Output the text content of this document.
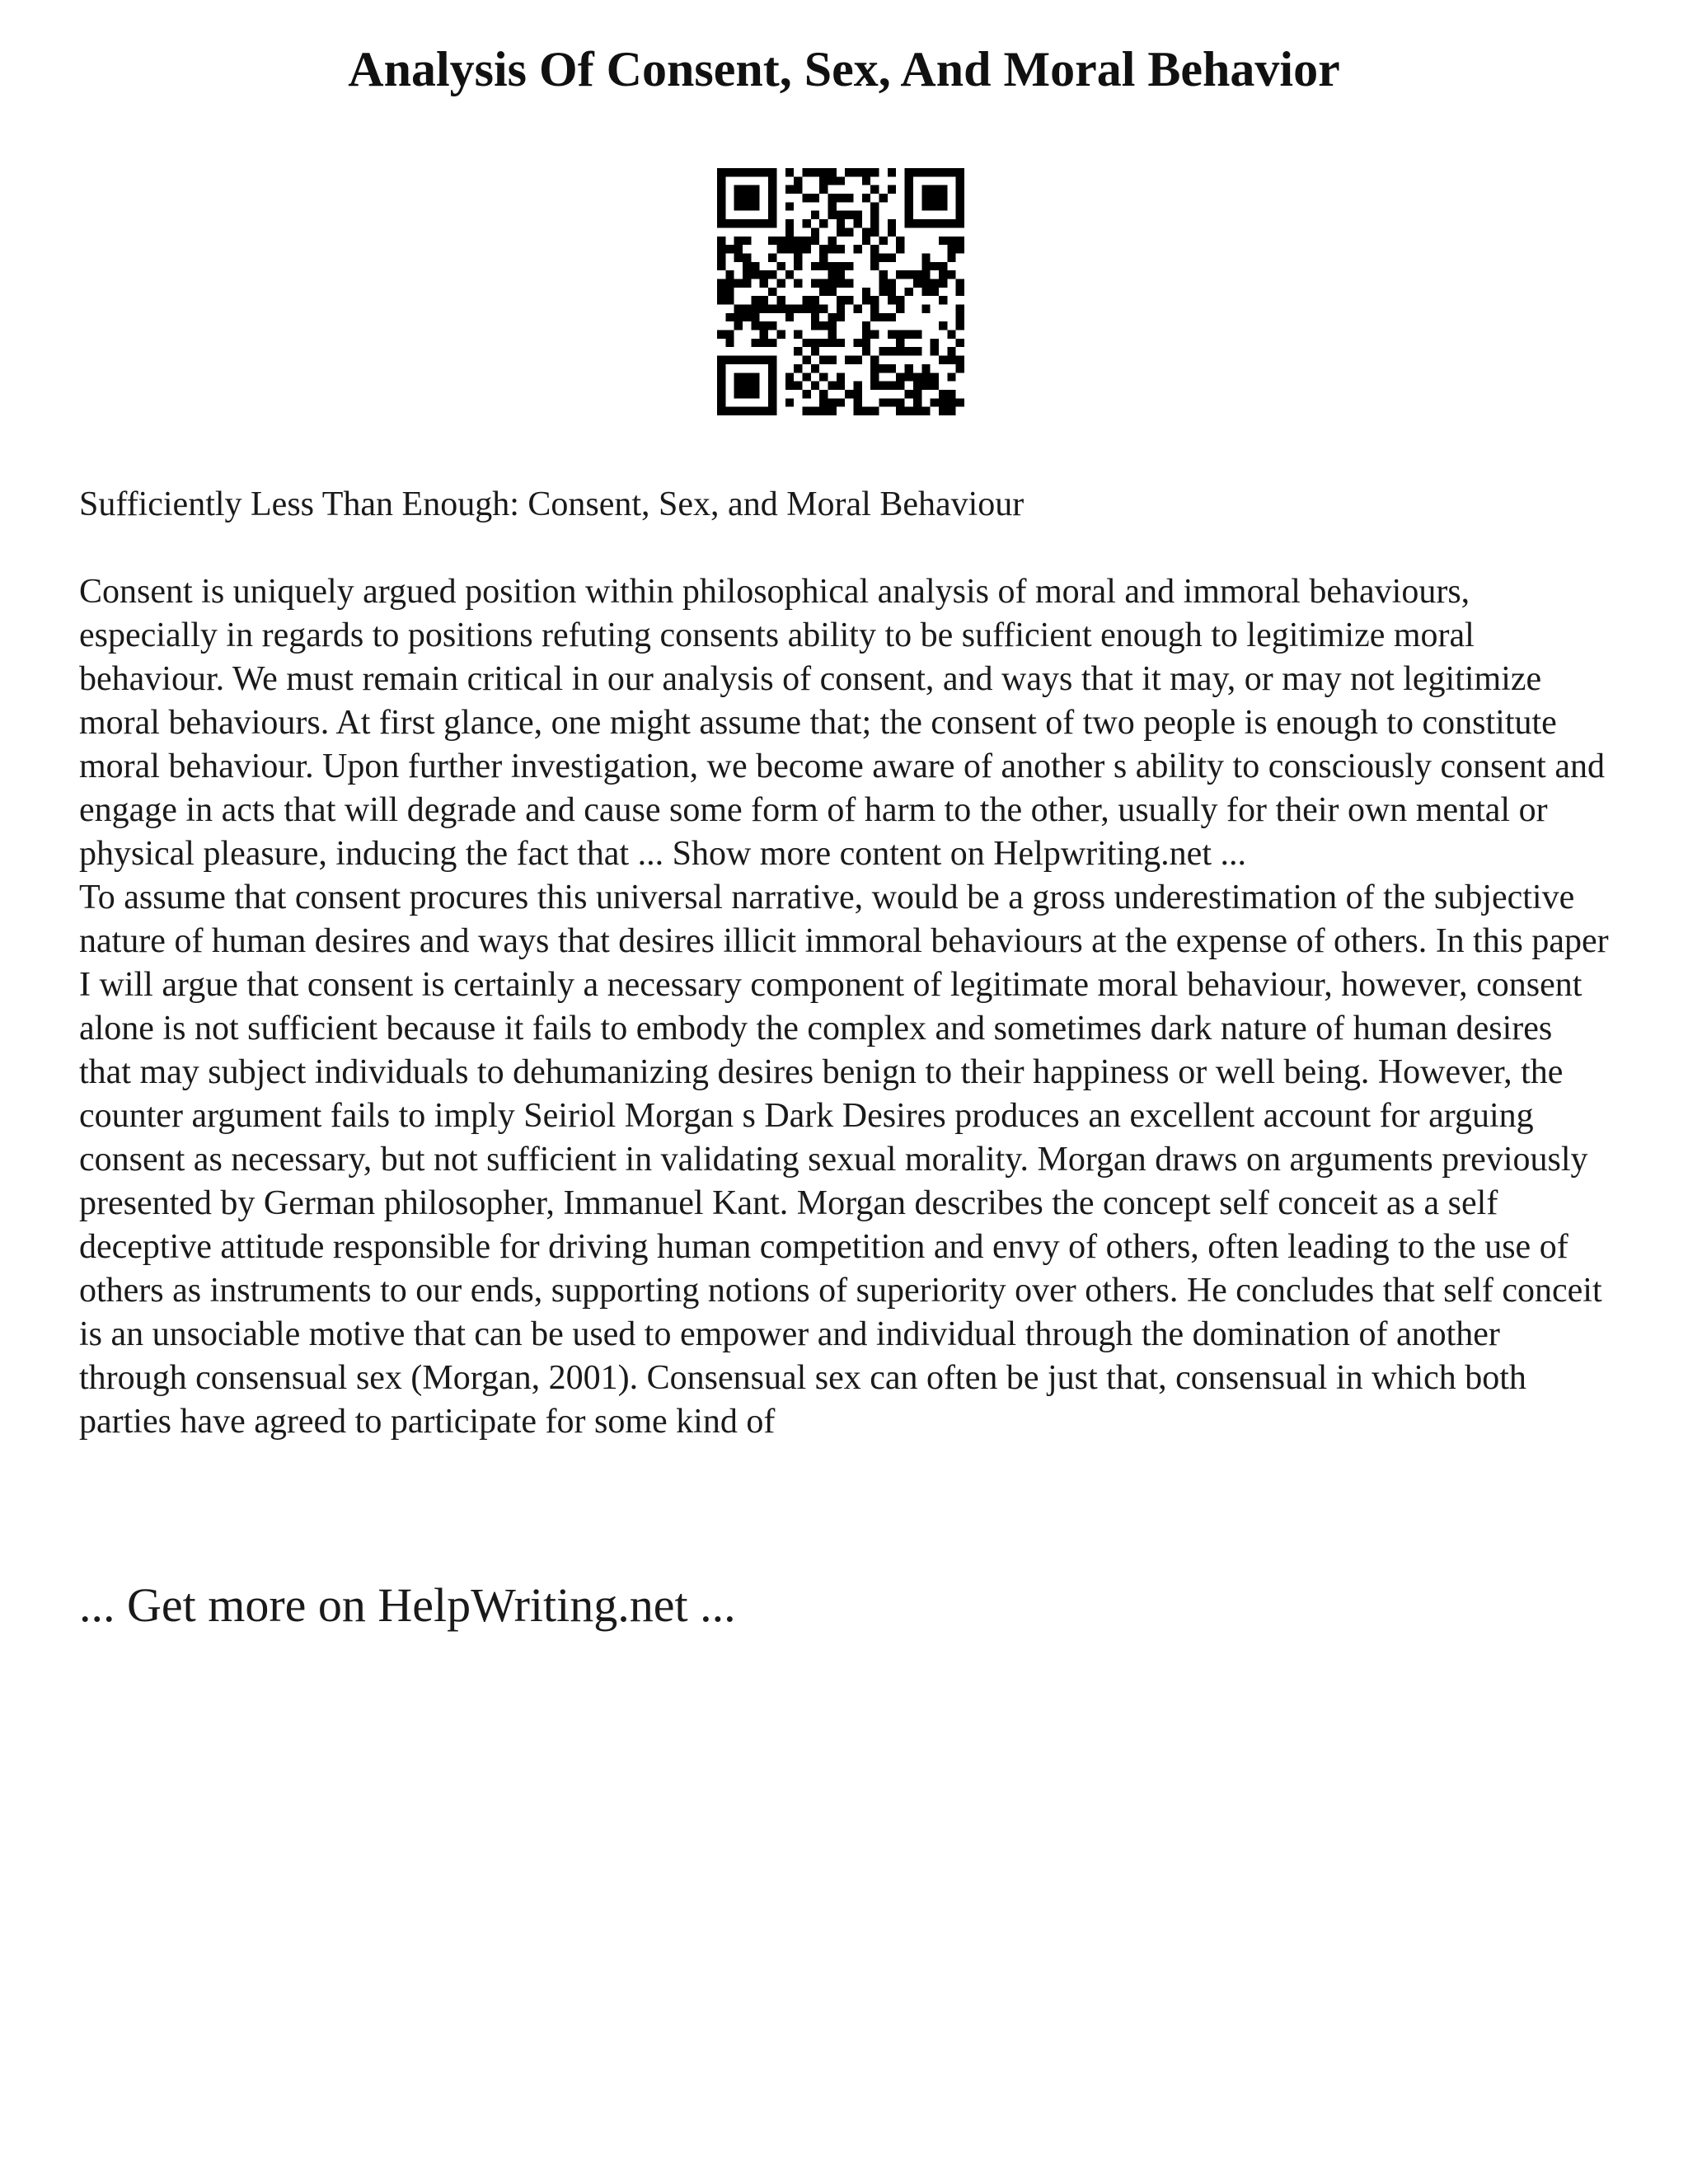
Analysis Of Consent, Sex, And Moral Behavior

Sufficiently Less Than Enough: Consent, Sex, and Moral Behaviour

Consent is uniquely argued position within philosophical analysis of moral and immoral behaviours, especially in regards to positions refuting consents ability to be sufficient enough to legitimize moral behaviour. We must remain critical in our analysis of consent, and ways that it may, or may not legitimize moral behaviours. At first glance, one might assume that; the consent of two people is enough to constitute moral behaviour. Upon further investigation, we become aware of another s ability to consciously consent and engage in acts that will degrade and cause some form of harm to the other, usually for their own mental or physical pleasure, inducing the fact that ... Show more content on Helpwriting.net ...

To assume that consent procures this universal narrative, would be a gross underestimation of the subjective nature of human desires and ways that desires illicit immoral behaviours at the expense of others. In this paper I will argue that consent is certainly a necessary component of legitimate moral behaviour, however, consent alone is not sufficient because it fails to embody the complex and sometimes dark nature of human desires that may subject individuals to dehumanizing desires benign to their happiness or well being. However, the counter argument fails to imply Seiriol Morgan s Dark Desires produces an excellent account for arguing consent as necessary, but not sufficient in validating sexual morality. Morgan draws on arguments previously presented by German philosopher, Immanuel Kant. Morgan describes the concept self conceit as a self deceptive attitude responsible for driving human competition and envy of others, often leading to the use of others as instruments to our ends, supporting notions of superiority over others. He concludes that self conceit is an unsociable motive that can be used to empower and individual through the domination of another through consensual sex (Morgan, 2001). Consensual sex can often be just that, consensual in which both parties have agreed to participate for some kind of

... Get more on HelpWriting.net ...
